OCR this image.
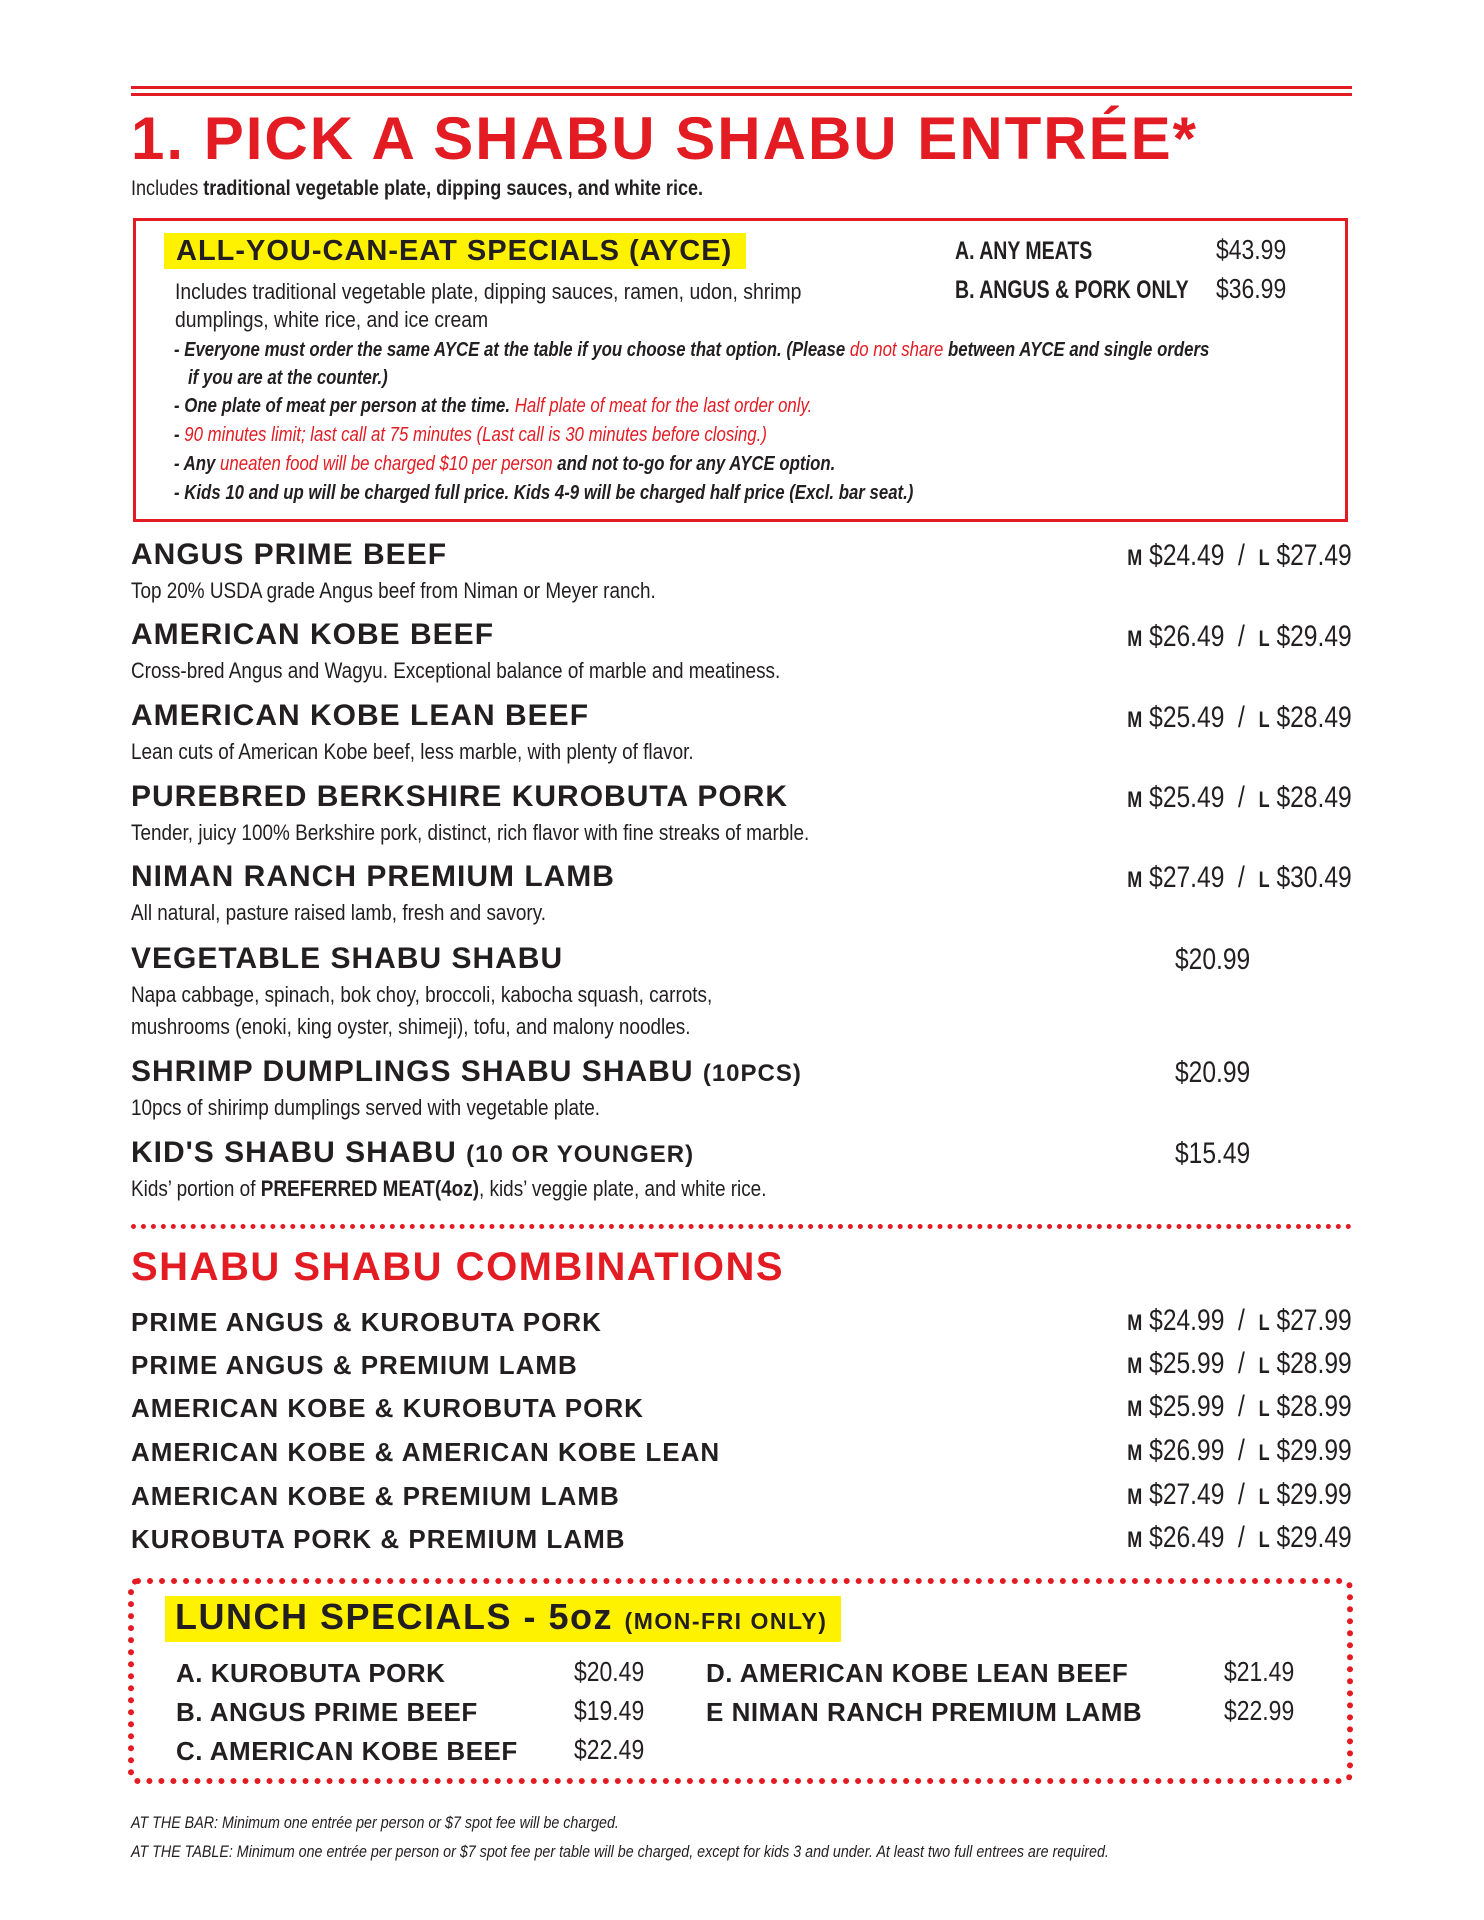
1. PICK A SHABU SHABU ENTRÉE*
Includes traditional vegetable plate, dipping sauces, and white rice.
ALL-YOU-CAN-EAT SPECIALS (AYCE)
Includes traditional vegetable plate, dipping sauces, ramen, udon, shrimp dumplings, white rice, and ice cream
A. ANY MEATS	$43.99
B. ANGUS & PORK ONLY $36.99
- Everyone must order the same AYCE at the table if you choose that option. (Please do not share between AYCE and single orders
if you are at the counter.)
- One plate of meat per person at the time. Half plate of meat for the last order only.
- 90 minutes limit; last call at 75 minutes (Last call is 30 minutes before closing.)
- Any uneaten food will be charged $10 per person and not to-go for any AYCE option.
- Kids 10 and up will be charged full price. Kids 4-9 will be charged half price (Excl. bar seat.)
ANGUS PRIME BEEF
Top 20% USDA grade Angus beef from Niman or Meyer ranch.
M $24.49 / L $27.49
AMERICAN KOBE BEEF
Cross-bred Angus and Wagyu. Exceptional balance of marble and meatiness.
M $26.49 / L $29.49
AMERICAN KOBE LEAN BEEF
Lean cuts of American Kobe beef, less marble, with plenty of flavor.
M $25.49 / L $28.49
PUREBRED BERKSHIRE KUROBUTA PORK
Tender, juicy 100% Berkshire pork, distinct, rich flavor with fine streaks of marble.
M $25.49 / L $28.49
NIMAN RANCH PREMIUM LAMB
All natural, pasture raised lamb, fresh and savory.
M $27.49 / L $30.49
VEGETABLE SHABU SHABU
Napa cabbage, spinach, bok choy, broccoli, kabocha squash, carrots,
mushrooms (enoki, king oyster, shimeji), tofu, and malony noodles.
$20.99
SHRIMP DUMPLINGS SHABU SHABU (10PCS)
10pcs of shirimp dumplings served with vegetable plate.
$20.99
KID'S SHABU SHABU (10 OR YOUNGER)
Kids’ portion of PREFERRED MEAT(4oz), kids’ veggie plate, and white rice.
$15.49
SHABU SHABU COMBINATIONS
PRIME ANGUS & KUROBUTA PORK	M $24.99 / L $27.99
PRIME ANGUS & PREMIUM LAMB	M $25.99 / L $28.99
AMERICAN KOBE & KUROBUTA PORK	M $25.99 / L $28.99
AMERICAN KOBE & AMERICAN KOBE LEAN	M $26.99 / L $29.99
AMERICAN KOBE & PREMIUM LAMB	M $27.49 / L $29.99
KUROBUTA PORK & PREMIUM LAMB	M $26.49 / L $29.49
LUNCH SPECIALS - 5oz (MON-FRI ONLY)
A. KUROBUTA PORK	$20.49
B. ANGUS PRIME BEEF	$19.49
C. AMERICAN KOBE BEEF $22.49
D. AMERICAN KOBE LEAN BEEF	$21.49
E NIMAN RANCH PREMIUM LAMB	$22.99
AT THE BAR: Minimum one entrée per person or $7 spot fee will be charged.
AT THE TABLE: Minimum one entrée per person or $7 spot fee per table will be charged, except for kids 3 and under. At least two full entrees are required.
